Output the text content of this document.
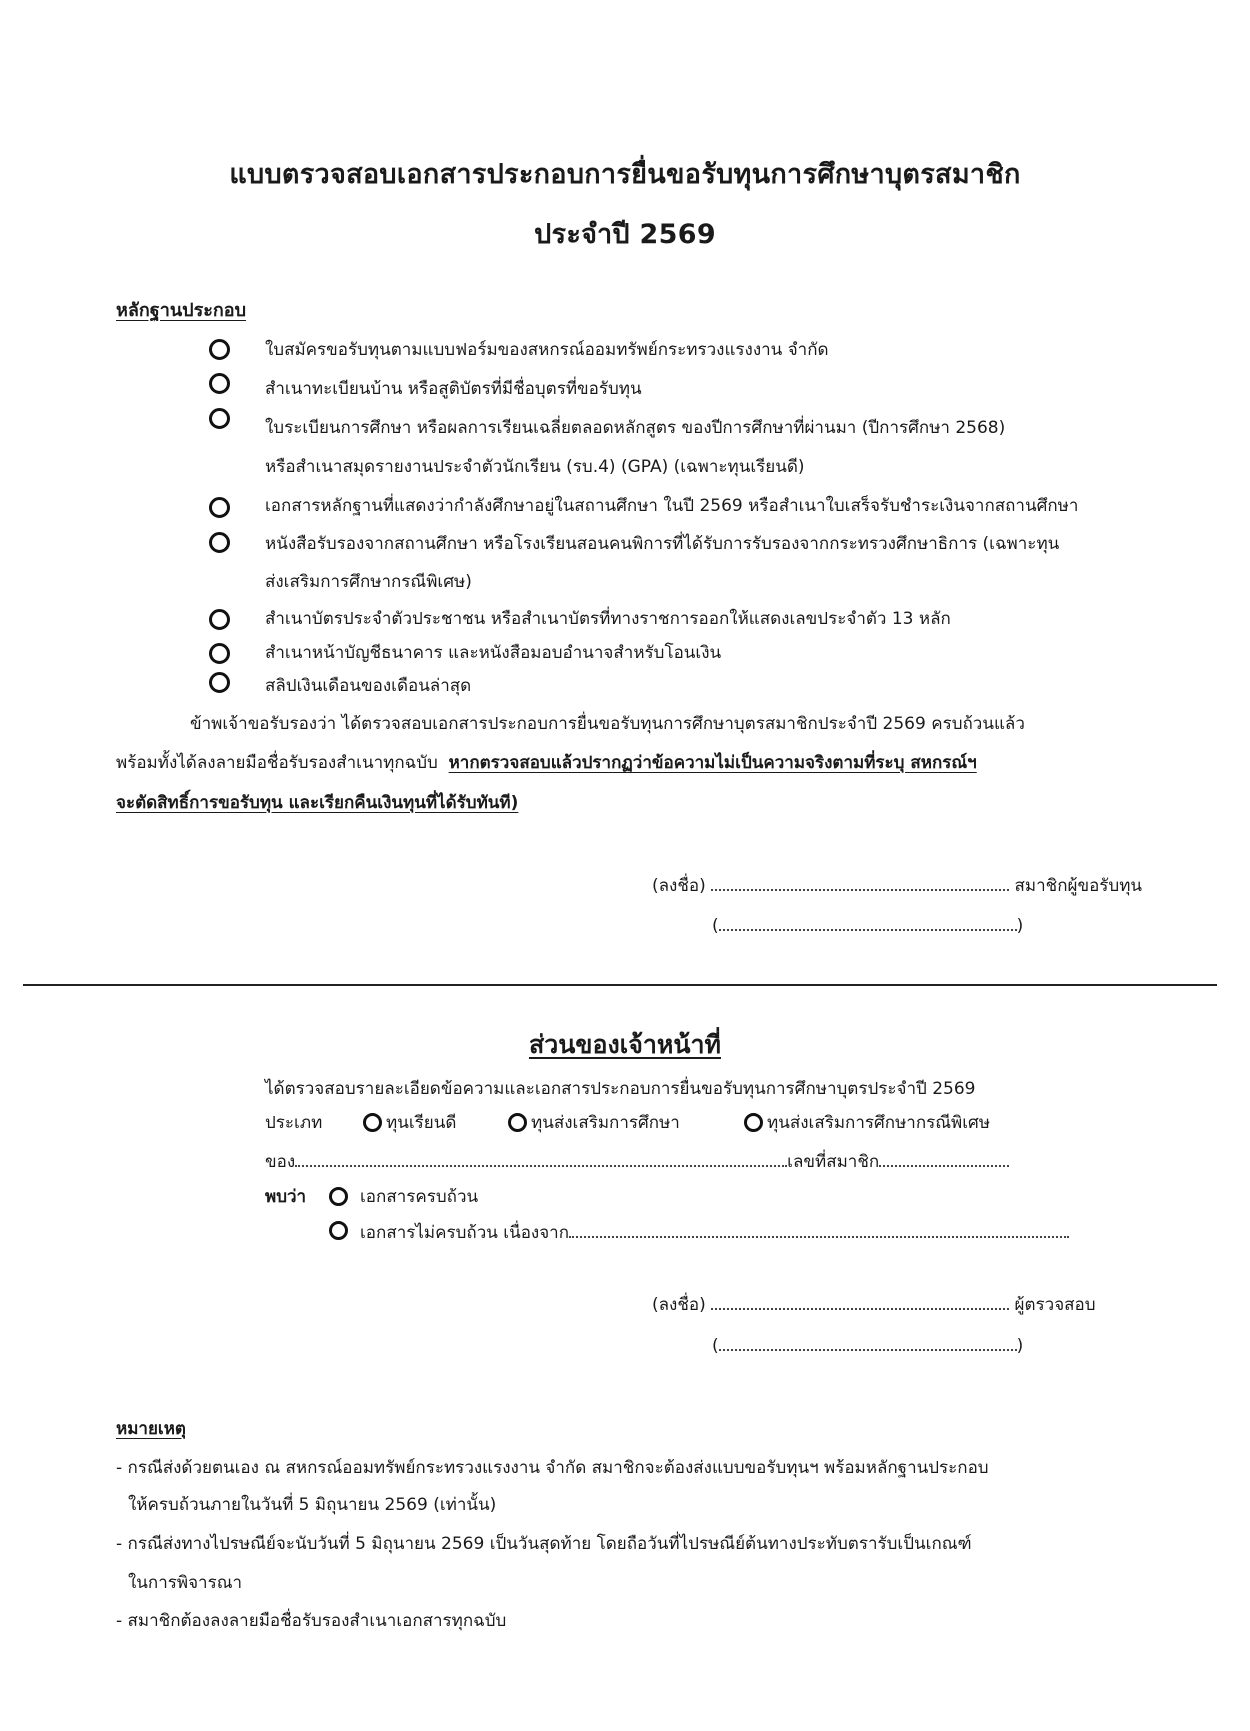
แบบตรวจสอบเอกสารประกอบการยื่นขอรับทุนการศึกษาบุตรสมาชิก
ประจำปี 2569
หลักฐานประกอบ
ใบสมัครขอรับทุนตามแบบฟอร์มของสหกรณ์ออมทรัพย์กระทรวงแรงงาน จำกัด
สำเนาทะเบียนบ้าน หรือสูติบัตรที่มีชื่อบุตรที่ขอรับทุน
ใบระเบียนการศึกษา หรือผลการเรียนเฉลี่ยตลอดหลักสูตร ของปีการศึกษาที่ผ่านมา (ปีการศึกษา 2568)
หรือสำเนาสมุดรายงานประจำตัวนักเรียน (รบ.4) (GPA) (เฉพาะทุนเรียนดี)
เอกสารหลักฐานที่แสดงว่ากำลังศึกษาอยู่ในสถานศึกษา ในปี 2569 หรือสำเนาใบเสร็จรับชำระเงินจากสถานศึกษา
หนังสือรับรองจากสถานศึกษา หรือโรงเรียนสอนคนพิการที่ได้รับการรับรองจากกระทรวงศึกษาธิการ (เฉพาะทุน
ส่งเสริมการศึกษากรณีพิเศษ)
สำเนาบัตรประจำตัวประชาชน หรือสำเนาบัตรที่ทางราชการออกให้แสดงเลขประจำตัว 13 หลัก
สำเนาหน้าบัญชีธนาคาร และหนังสือมอบอำนาจสำหรับโอนเงิน
สลิปเงินเดือนของเดือนล่าสุด
ข้าพเจ้าขอรับรองว่า ได้ตรวจสอบเอกสารประกอบการยื่นขอรับทุนการศึกษาบุตรสมาชิกประจำปี 2569 ครบถ้วนแล้ว
พร้อมทั้งได้ลงลายมือชื่อรับรองสำเนาทุกฉบับ หากตรวจสอบแล้วปรากฏว่าข้อความไม่เป็นความจริงตามที่ระบุ สหกรณ์ฯ
จะตัดสิทธิ์การขอรับทุน และเรียกคืนเงินทุนที่ได้รับทันที)
(ลงชื่อ)	สมาชิกผู้ขอรับทุน
(	)
ส่วนของเจ้าหน้าที่
ได้ตรวจสอบรายละเอียดข้อความและเอกสารประกอบการยื่นขอรับทุนการศึกษาบุตรประจำปี 2569
ประเภท	ทุนเรียนดี	ทุนส่งเสริมการศึกษา	ทุนส่งเสริมการศึกษากรณีพิเศษ
ของ	เลขที่สมาชิก
พบว่า	เอกสารครบถ้วน
เอกสารไม่ครบถ้วน เนื่องจาก
(ลงชื่อ)	ผู้ตรวจสอบ
(	)
หมายเหตุ
- กรณีส่งด้วยตนเอง ณ สหกรณ์ออมทรัพย์กระทรวงแรงงาน จำกัด สมาชิกจะต้องส่งแบบขอรับทุนฯ พร้อมหลักฐานประกอบ
ให้ครบถ้วนภายในวันที่ 5 มิถุนายน 2569 (เท่านั้น)
- กรณีส่งทางไปรษณีย์จะนับวันที่ 5 มิถุนายน 2569 เป็นวันสุดท้าย โดยถือวันที่ไปรษณีย์ต้นทางประทับตรารับเป็นเกณฑ์
ในการพิจารณา
- สมาชิกต้องลงลายมือชื่อรับรองสำเนาเอกสารทุกฉบับ
